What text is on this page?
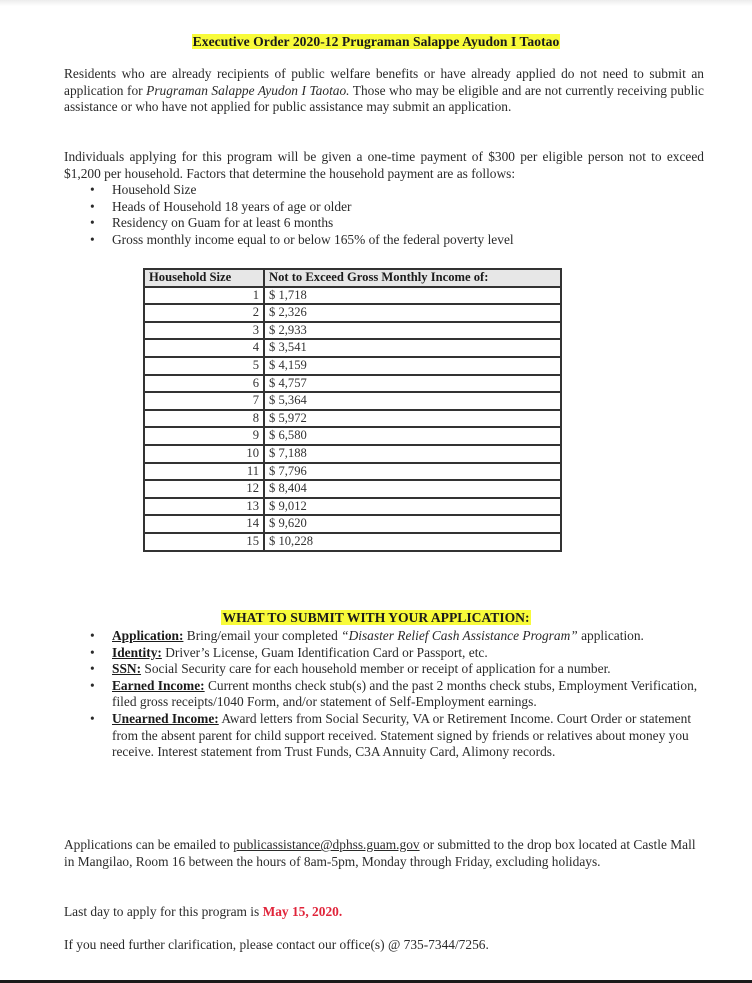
Executive Order 2020-12 Prugraman Salappe Ayudon I Taotao

Residents who are already recipients of public welfare benefits or have already applied do not need to submit an application for Prugraman Salappe Ayudon I Taotao. Those who may be eligible and are not currently receiving public assistance or who have not applied for public assistance may submit an application.

Individuals applying for this program will be given a one-time payment of $300 per eligible person not to exceed $1,200 per household. Factors that determine the household payment are as follows:

• Household Size
• Heads of Household 18 years of age or older
• Residency on Guam for at least 6 months
• Gross monthly income equal to or below 165% of the federal poverty level
Household Size	Not to Exceed Gross Monthly Income of:
1	$ 1,718
2	$ 2,326
3	$ 2,933
4	$ 3,541
5	$ 4,159
6	$ 4,757
7	$ 5,364
8	$ 5,972
9	$ 6,580
10	$ 7,188
11	$ 7,796
12	$ 8,404
13	$ 9,012
14	$ 9,620
15	$ 10,228
WHAT TO SUBMIT WITH YOUR APPLICATION:
• Application: Bring/email your completed “Disaster Relief Cash Assistance Program” application.
• Identity: Driver’s License, Guam Identification Card or Passport, etc.
• SSN: Social Security care for each household member or receipt of application for a number.
• Earned Income: Current months check stub(s) and the past 2 months check stubs, Employment Verification, filed gross receipts/1040 Form, and/or statement of Self-Employment earnings.
• Unearned Income: Award letters from Social Security, VA or Retirement Income. Court Order or statement from the absent parent for child support received. Statement signed by friends or relatives about money you receive. Interest statement from Trust Funds, C3A Annuity Card, Alimony records.

Applications can be emailed to publicassistance@dphss.guam.gov or submitted to the drop box located at Castle Mall in Mangilao, Room 16 between the hours of 8am-5pm, Monday through Friday, excluding holidays.

Last day to apply for this program is May 15, 2020.

If you need further clarification, please contact our office(s) @ 735-7344/7256.
